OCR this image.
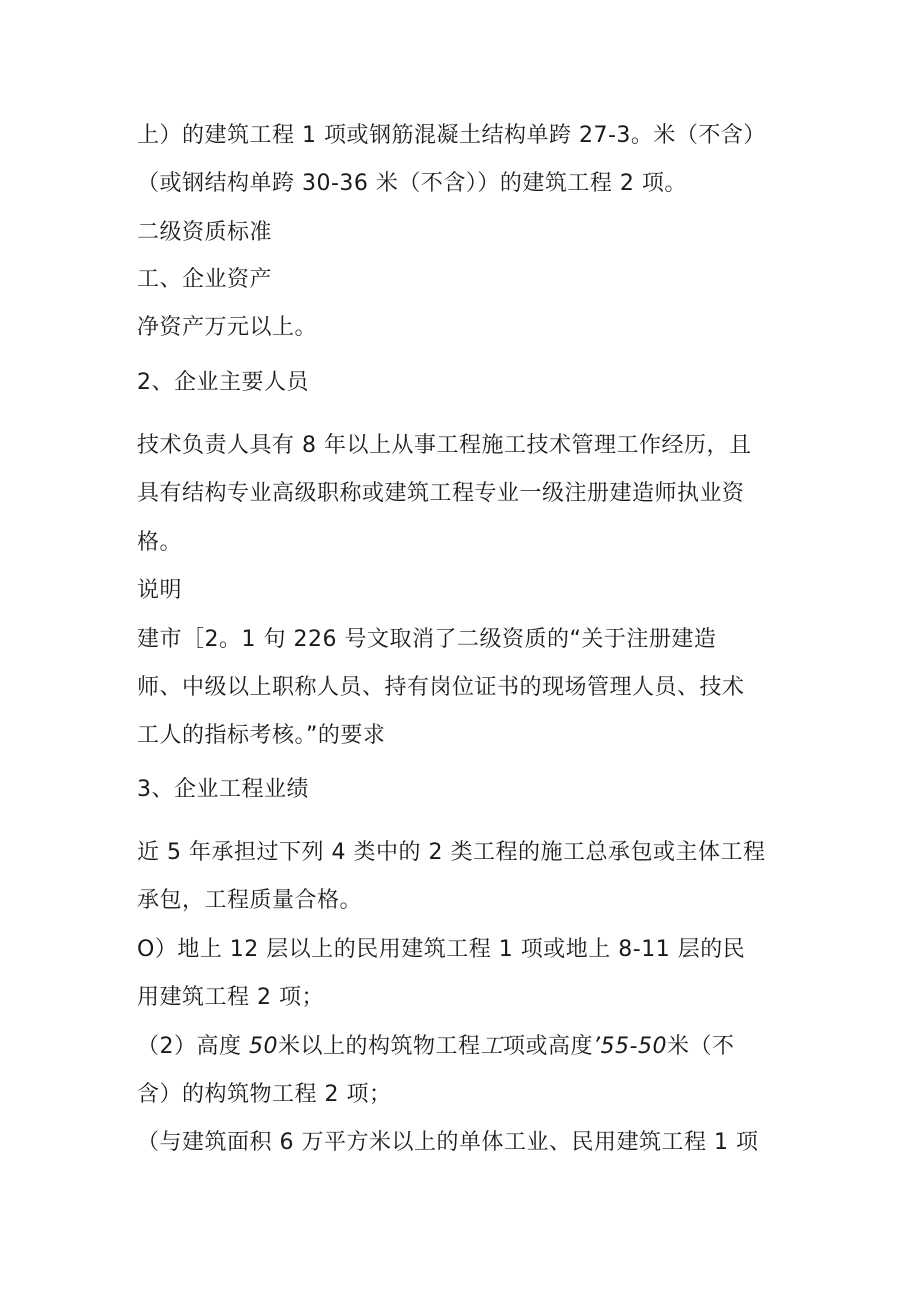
上）的建筑工程 1 项或钢筋混凝土结构单跨 27-3。米（不含）
（或钢结构单跨 30-36 米（不含））的建筑工程 2 项。
二级资质标准
工、企业资产
净资产万元以上。
2、企业主要人员
技术负责人具有 8 年以上从事工程施工技术管理工作经历，且
具有结构专业高级职称或建筑工程专业一级注册建造师执业资
格。
说明
建市［2。1 句 226 号文取消了二级资质的“关于注册建造
师、中级以上职称人员、持有岗位证书的现场管理人员、技术
工人的指标考核。”的要求
3、企业工程业绩
近 5 年承担过下列 4 类中的 2 类工程的施工总承包或主体工程
承包，工程质量合格。
O）地上 12 层以上的民用建筑工程 1 项或地上 8-11 层的民
用建筑工程 2 项；
（2）高度 50米以上的构筑物工程工项或高度’55-50米（不
含）的构筑物工程 2 项；
（与建筑面积 6 万平方米以上的单体工业、民用建筑工程 1 项
